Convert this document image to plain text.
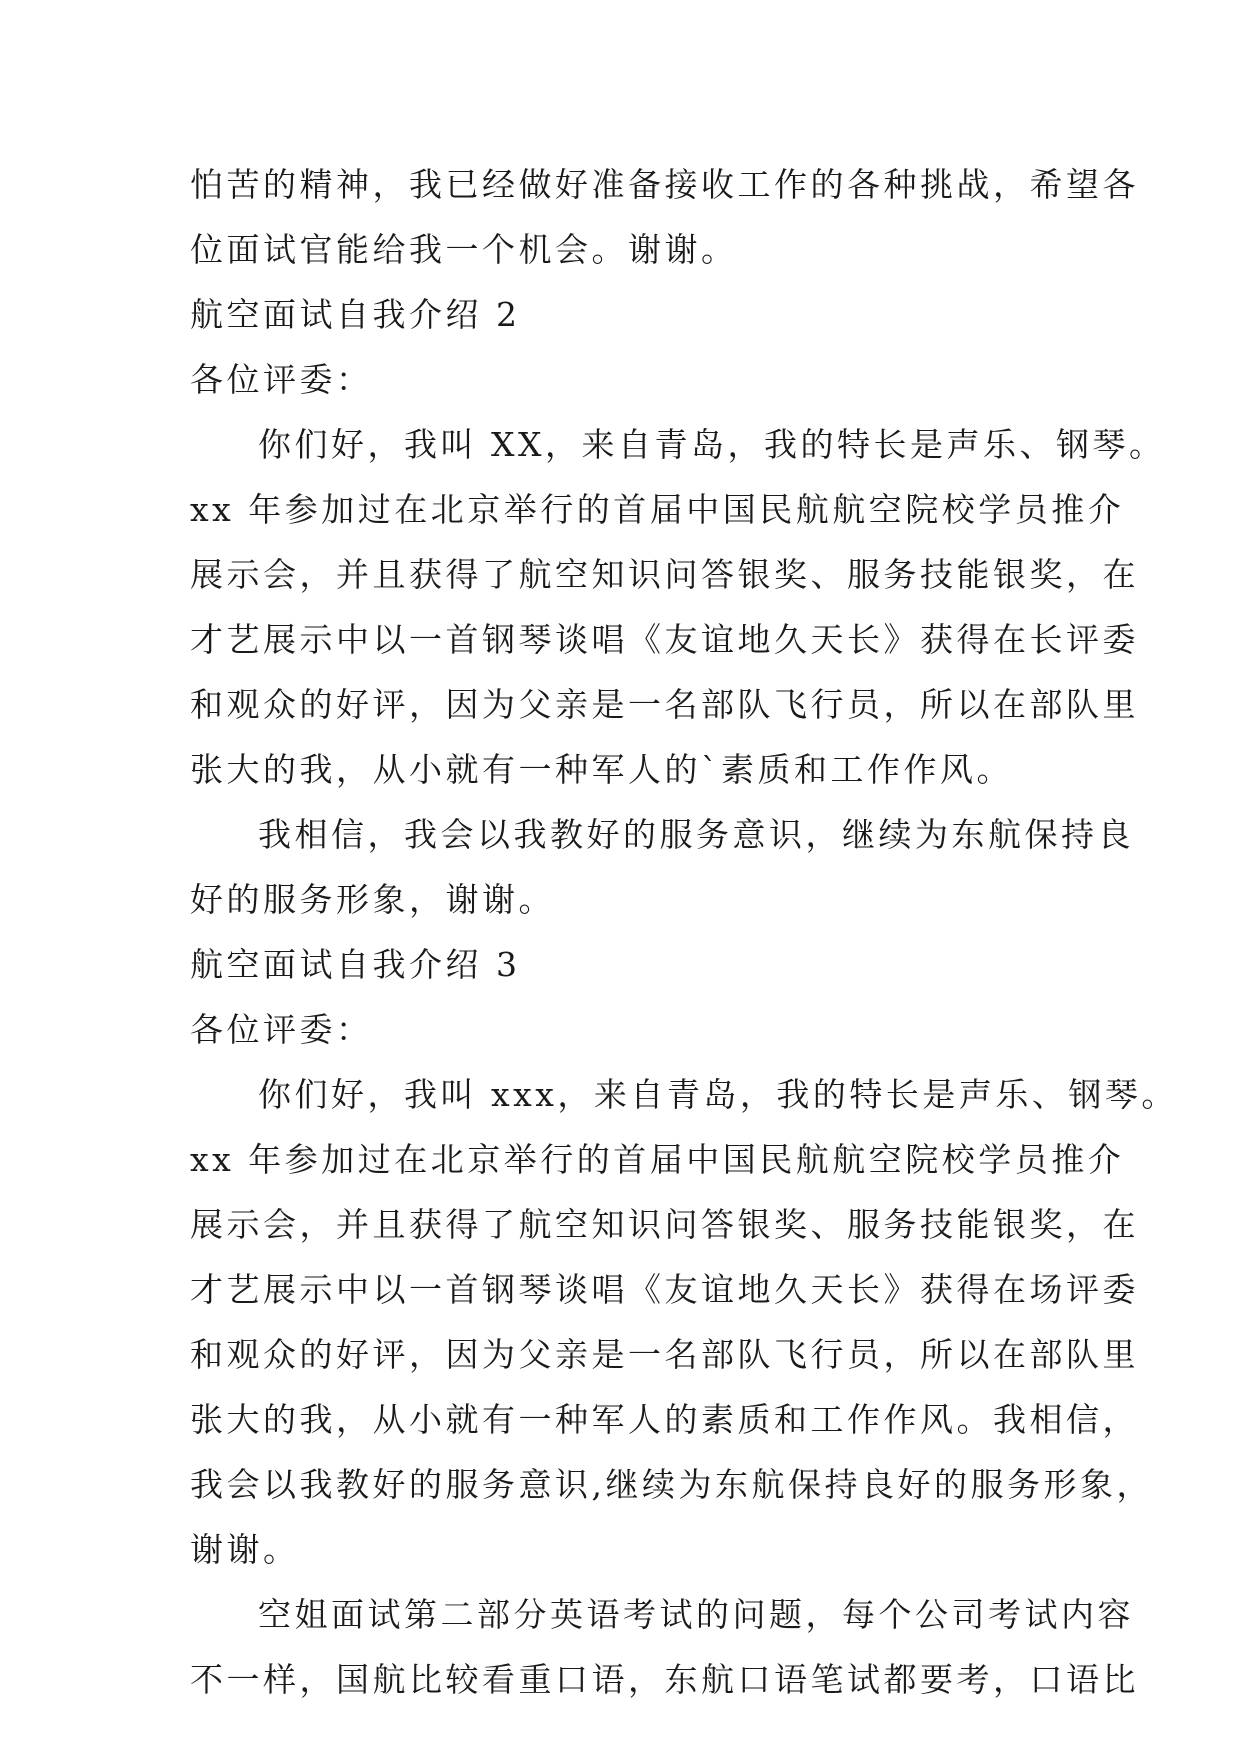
怕苦的精神，我已经做好准备接收工作的各种挑战，希望各
位面试官能给我一个机会。谢谢。
航空面试自我介绍 2
各位评委：
你们好，我叫 XX，来自青岛，我的特长是声乐、钢琴。
xx 年参加过在北京举行的首届中国民航航空院校学员推介
展示会，并且获得了航空知识问答银奖、服务技能银奖，在
才艺展示中以一首钢琴谈唱《友谊地久天长》获得在长评委
和观众的好评，因为父亲是一名部队飞行员，所以在部队里
张大的我，从小就有一种军人的`素质和工作作风。
我相信，我会以我教好的服务意识，继续为东航保持良
好的服务形象，谢谢。
航空面试自我介绍 3
各位评委：
你们好，我叫 xxx，来自青岛，我的特长是声乐、钢琴。
xx 年参加过在北京举行的首届中国民航航空院校学员推介
展示会，并且获得了航空知识问答银奖、服务技能银奖，在
才艺展示中以一首钢琴谈唱《友谊地久天长》获得在场评委
和观众的好评，因为父亲是一名部队飞行员，所以在部队里
张大的我，从小就有一种军人的素质和工作作风。我相信，
我会以我教好的服务意识,继续为东航保持良好的服务形象，
谢谢。
空姐面试第二部分英语考试的问题，每个公司考试内容
不一样，国航比较看重口语，东航口语笔试都要考，口语比
